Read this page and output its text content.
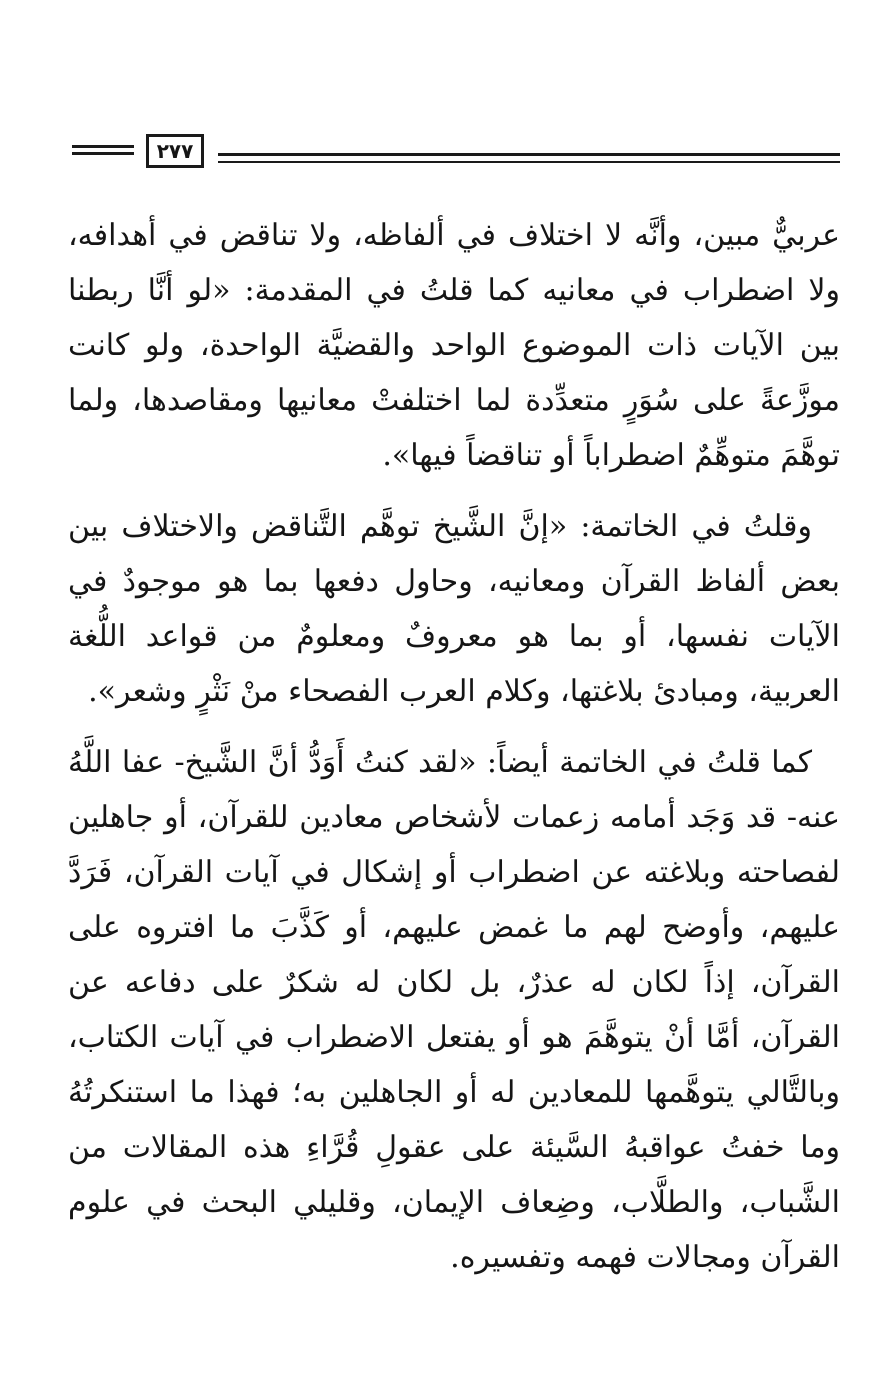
٢٧٧

عربيٌّ مبين، وأنَّه لا اختلاف في ألفاظه، ولا تناقض في أهدافه، ولا اضطراب في معانيه كما قلتُ في المقدمة: «لو أنَّا ربطنا بين الآيات ذات الموضوع الواحد والقضيَّة الواحدة، ولو كانت موزَّعةً على سُوَرٍ متعدِّدة لما اختلفتْ معانيها ومقاصدها، ولما توهَّمَ متوهِّمٌ اضطراباً أو تناقضاً فيها».

وقلتُ في الخاتمة: «إنَّ الشَّيخ توهَّم التَّناقض والاختلاف بين بعض ألفاظ القرآن ومعانيه، وحاول دفعها بما هو موجودٌ في الآيات نفسها، أو بما هو معروفٌ ومعلومٌ من قواعد اللُّغة العربية، ومبادئ بلاغتها، وكلام العرب الفصحاء منْ نَثْرٍ وشعر».

كما قلتُ في الخاتمة أيضاً: «لقد كنتُ أَوَدُّ أنَّ الشَّيخ- عفا اللَّهُ عنه- قد وَجَد أمامه زعمات لأشخاص معادين للقرآن، أو جاهلين لفصاحته وبلاغته عن اضطراب أو إشكال في آيات القرآن، فَرَدَّ عليهم، وأوضح لهم ما غمض عليهم، أو كَذَّبَ ما افتروه على القرآن، إذاً لكان له عذرٌ، بل لكان له شكرٌ على دفاعه عن القرآن، أمَّا أنْ يتوهَّمَ هو أو يفتعل الاضطراب في آيات الكتاب، وبالتَّالي يتوهَّمها للمعادين له أو الجاهلين به؛ فهذا ما استنكرتُهُ وما خفتُ عواقبهُ السَّيئة على عقولِ قُرَّاءِ هذه المقالات من الشَّباب، والطلَّاب، وضِعاف الإيمان، وقليلي البحث في علوم القرآن ومجالات فهمه وتفسيره.
